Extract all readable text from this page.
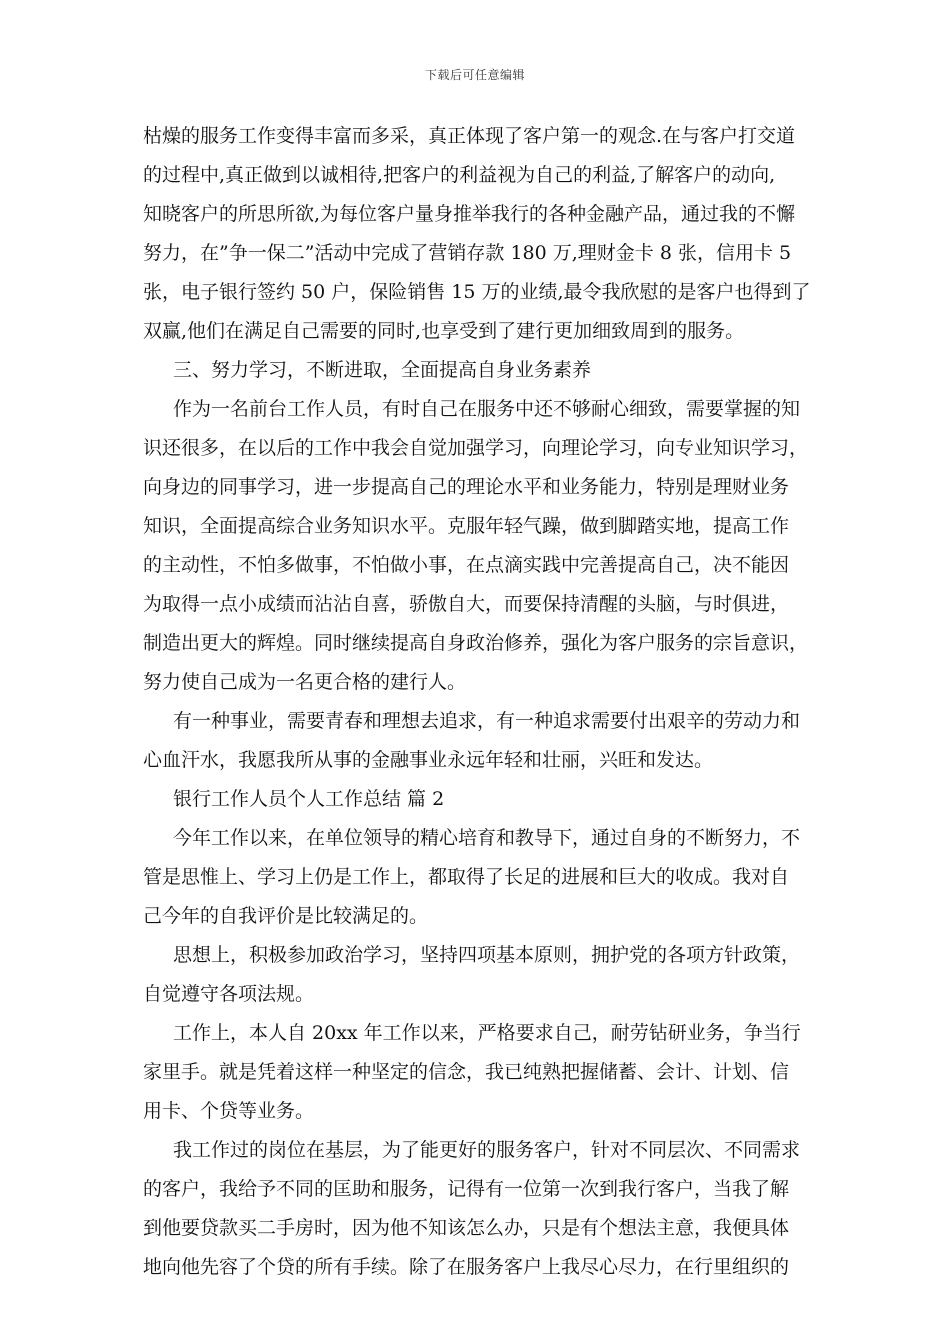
下载后可任意编辑
枯燥的服务工作变得丰富而多采，真正体现了客户第一的观念.在与客户打交道
的过程中,真正做到以诚相待,把客户的利益视为自己的利益,了解客户的动向,
知晓客户的所思所欲,为每位客户量身推举我行的各种金融产品，通过我的不懈
努力，在”争一保二”活动中完成了营销存款 180 万,理财金卡 8 张，信用卡 5
张，电子银行签约 50 户，保险销售 15 万的业绩,最令我欣慰的是客户也得到了
双赢,他们在满足自己需要的同时,也享受到了建行更加细致周到的服务。
三、努力学习，不断进取，全面提高自身业务素养
作为一名前台工作人员，有时自己在服务中还不够耐心细致，需要掌握的知
识还很多，在以后的工作中我会自觉加强学习，向理论学习，向专业知识学习，
向身边的同事学习，进一步提高自己的理论水平和业务能力，特别是理财业务
知识，全面提高综合业务知识水平。克服年轻气躁，做到脚踏实地，提高工作
的主动性，不怕多做事，不怕做小事，在点滴实践中完善提高自己，决不能因
为取得一点小成绩而沾沾自喜，骄傲自大，而要保持清醒的头脑，与时俱进，
制造出更大的辉煌。同时继续提高自身政治修养，强化为客户服务的宗旨意识，
努力使自己成为一名更合格的建行人。
有一种事业，需要青春和理想去追求，有一种追求需要付出艰辛的劳动力和
心血汗水，我愿我所从事的金融事业永远年轻和壮丽，兴旺和发达。
银行工作人员个人工作总结 篇 2
今年工作以来，在单位领导的精心培育和教导下，通过自身的不断努力，不
管是思惟上、学习上仍是工作上，都取得了长足的进展和巨大的收成。我对自
己今年的自我评价是比较满足的。
思想上，积极参加政治学习，坚持四项基本原则，拥护党的各项方针政策，
自觉遵守各项法规。
工作上，本人自 20xx 年工作以来，严格要求自己，耐劳钻研业务，争当行
家里手。就是凭着这样一种坚定的信念，我已纯熟把握储蓄、会计、计划、信
用卡、个贷等业务。
我工作过的岗位在基层，为了能更好的服务客户，针对不同层次、不同需求
的客户，我给予不同的匡助和服务，记得有一位第一次到我行客户，当我了解
到他要贷款买二手房时，因为他不知该怎么办，只是有个想法主意，我便具体
地向他先容了个贷的所有手续。除了在服务客户上我尽心尽力，在行里组织的
